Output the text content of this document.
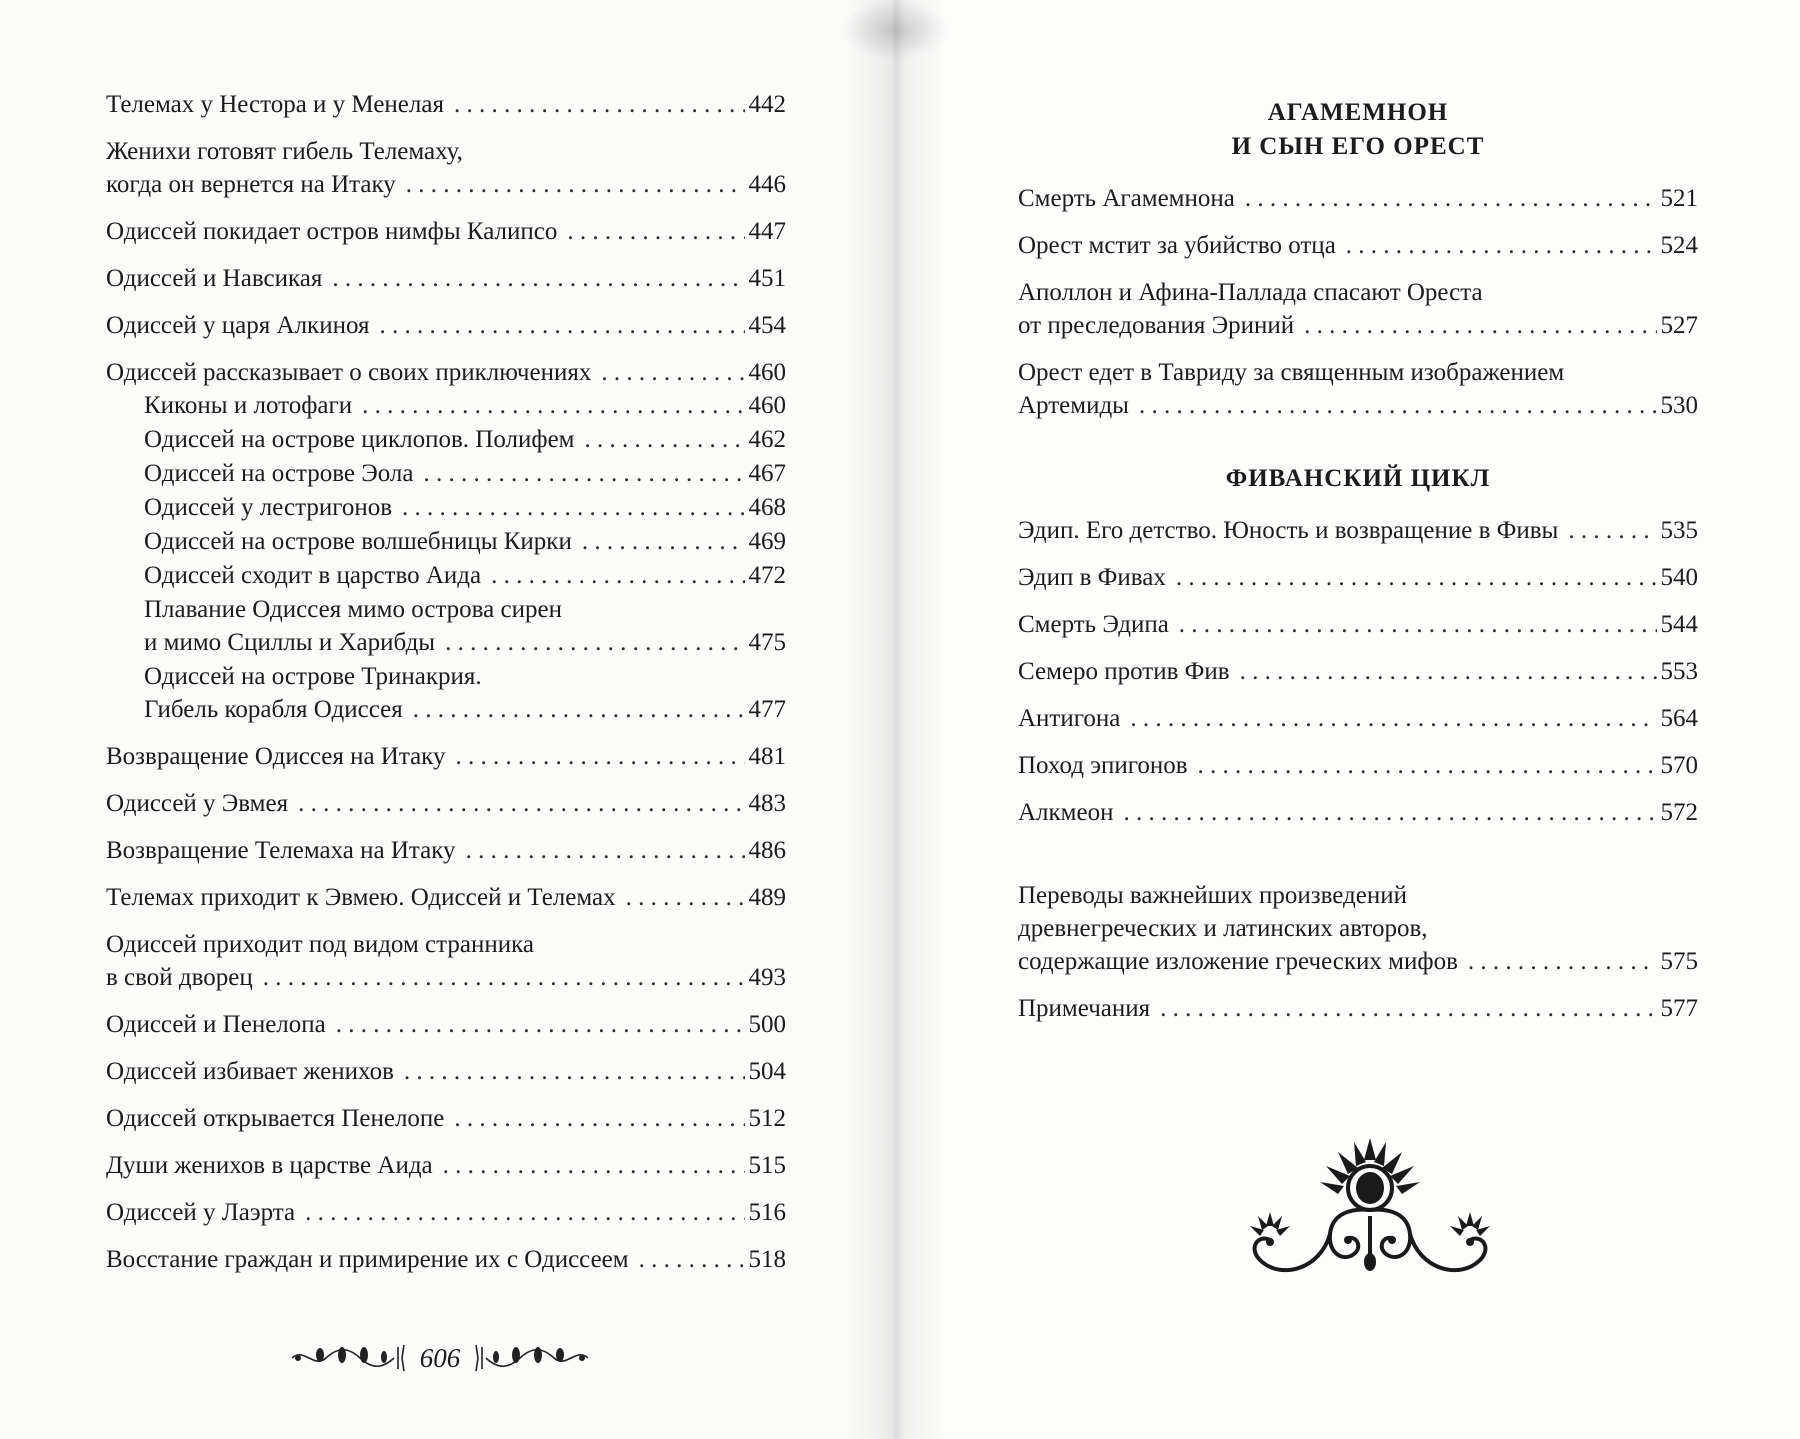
Телемах у Нестора и у Менелая . . .	442
Женихи готовят гибель Телемаху,
когда он вернется на Итаку . . .	446
Одиссей покидает остров нимфы Калипсо . . .	447
Одиссей и Навсикая . . .	451
Одиссей у царя Алкиноя . . .	454
Одиссей рассказывает о своих приключениях . . .	460
Киконы и лотофаги . . .	460
Одиссей на острове циклопов. Полифем . . .	462
Одиссей на острове Эола . . .	467
Одиссей у лестригонов . . .	468
Одиссей на острове волшебницы Кирки . . .	469
Одиссей сходит в царство Аида . . .	472
Плавание Одиссея мимо острова сирен
и мимо Сциллы и Харибды . . .	475
Одиссей на острове Тринакрия.
Гибель корабля Одиссея . . .	477
Возвращение Одиссея на Итаку . . .	481
Одиссей у Эвмея . . .	483
Возвращение Телемаха на Итаку . . .	486
Телемах приходит к Эвмею. Одиссей и Телемах . . .	489
Одиссей приходит под видом странника
в свой дворец . . .	493
Одиссей и Пенелопа . . .	500
Одиссей избивает женихов . . .	504
Одиссей открывается Пенелопе . . .	512
Души женихов в царстве Аида . . .	515
Одиссей у Лаэрта . . .	516
Восстание граждан и примирение их с Одиссеем . . .	518
АГАМЕМНОН
И СЫН ЕГО ОРЕСТ
Смерть Агамемнона . . .	521
Орест мстит за убийство отца . . .	524
Аполлон и Афина-Паллада спасают Ореста
от преследования Эриний . . .	527
Орест едет в Тавриду за священным изображением
Артемиды . . .	530
ФИВАНСКИЙ ЦИКЛ
Эдип. Его детство. Юность и возвращение в Фивы . . .	535
Эдип в Фивах . . .	540
Смерть Эдипа . . .	544
Семеро против Фив . . .	553
Антигона . . .	564
Поход эпигонов . . .	570
Алкмеон . . .	572
Переводы важнейших произведений
древнегреческих и латинских авторов,
содержащие изложение греческих мифов . . .	575
Примечания . . .	577
606
